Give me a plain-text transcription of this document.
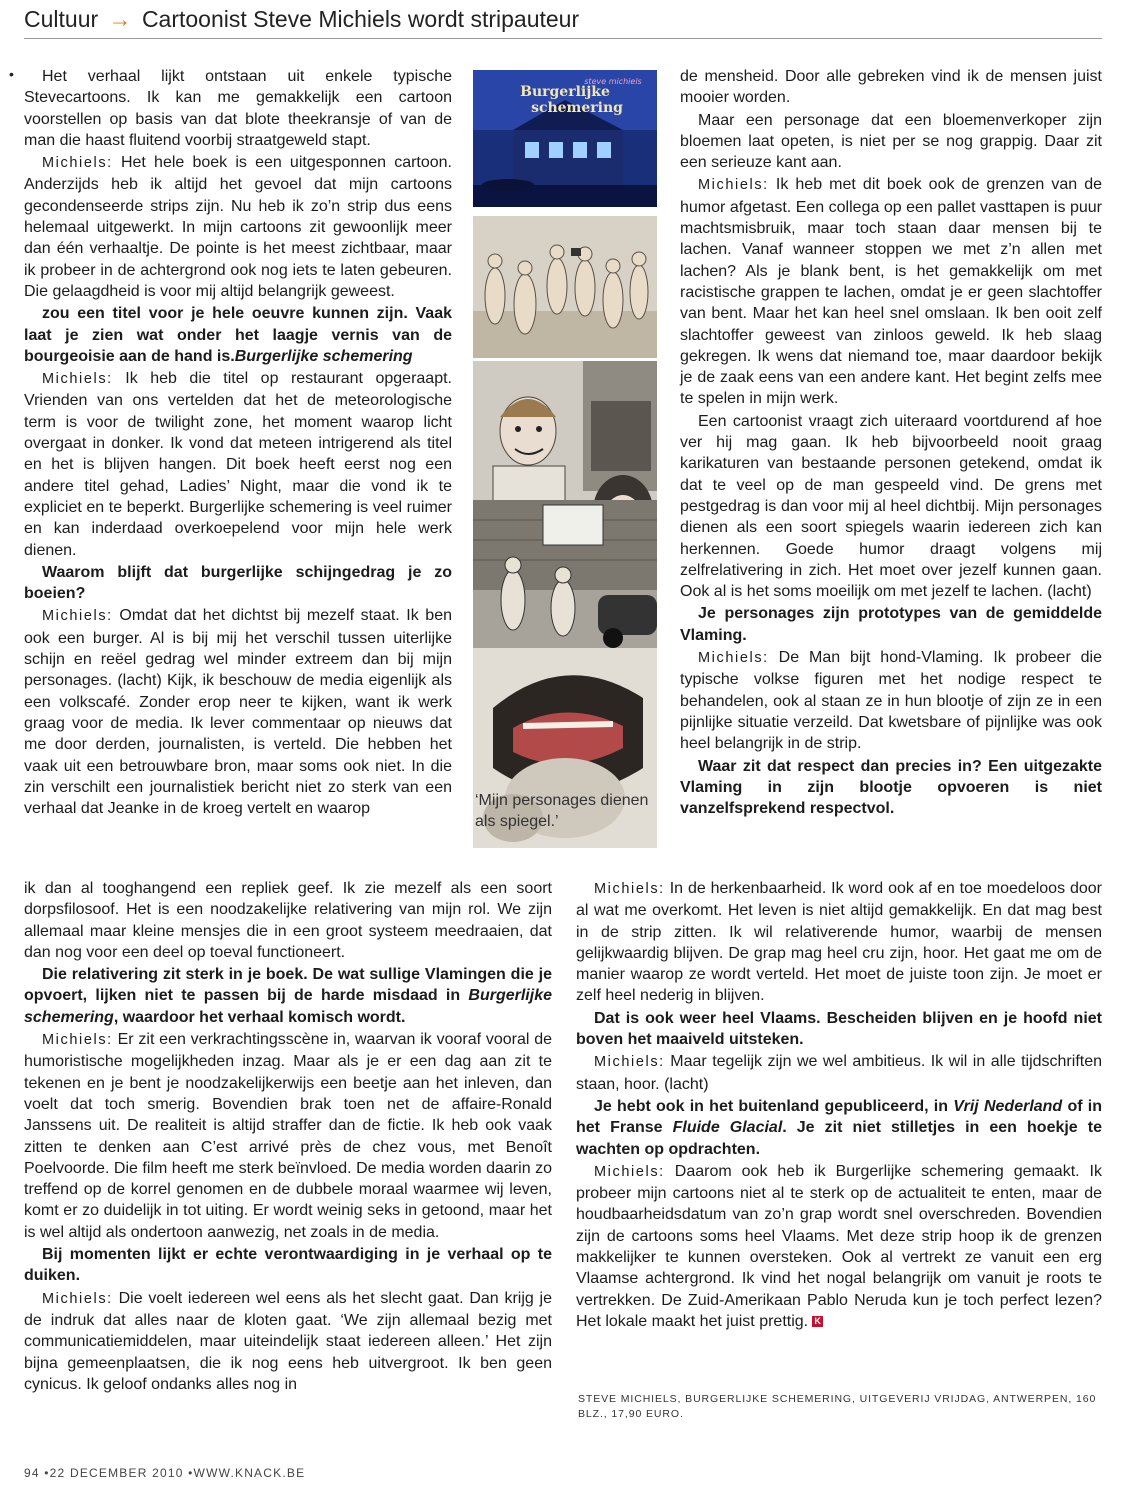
Cultuur → Cartoonist Steve Michiels wordt stripauteur
•	Het verhaal lijkt ontstaan uit enkele typische Stevecartoons. Ik kan me gemakkelijk een cartoon voorstellen op basis van dat blote theekransje of van de man die haast fluitend voorbij straatgeweld stapt.

Michiels: Het hele boek is een uitgesponnen cartoon. Anderzijds heb ik altijd het gevoel dat mijn cartoons gecondenseerde strips zijn. Nu heb ik zo’n strip dus eens helemaal uitgewerkt. In mijn cartoons zit gewoonlijk meer dan één verhaaltje. De pointe is het meest zichtbaar, maar ik probeer in de achtergrond ook nog iets te laten gebeuren. Die gelaagdheid is voor mij altijd belangrijk geweest.

zou een titel voor je hele oeuvre kunnen zijn. Vaak laat je zien wat onder het laagje vernis van de bourgeoisie aan de hand is.Burgerlijke schemering

Michiels: Ik heb die titel op restaurant opgeraapt. Vrienden van ons vertelden dat het de meteorologische term is voor de twilight zone, het moment waarop licht overgaat in donker. Ik vond dat meteen intrigerend als titel en het is blijven hangen. Dit boek heeft eerst nog een andere titel gehad, Ladies’ Night, maar die vond ik te expliciet en te beperkt. Burgerlijke schemering is veel ruimer en kan inderdaad overkoepelend voor mijn hele werk dienen.

Waarom blijft dat burgerlijke schijngedrag je zo boeien?

Michiels: Omdat dat het dichtst bij mezelf staat. Ik ben ook een burger. Al is bij mij het verschil tussen uiterlijke schijn en reëel gedrag wel minder extreem dan bij mijn personages. (lacht) Kijk, ik beschouw de media eigenlijk als een volkscafé. Zonder erop neer te kijken, want ik werk graag voor de media. Ik lever commentaar op nieuws dat me door derden, journalisten, is verteld. Die hebben het vaak uit een betrouwbare bron, maar soms ook niet. In die zin verschilt een journalistiek bericht niet zo sterk van een verhaal dat Jeanke in de kroeg vertelt en waarop

ik dan al tooghangend een repliek geef. Ik zie mezelf als een soort dorpsfilosoof. Het is een noodzakelijke relativering van mijn rol. We zijn allemaal maar kleine mensjes die in een groot systeem meedraaien, dat dan nog voor een deel op toeval functioneert.

Die relativering zit sterk in je boek. De wat sullige Vlamingen die je opvoert, lijken niet te passen bij de harde misdaad in Burgerlijke schemering, waardoor het verhaal komisch wordt.

Michiels: Er zit een verkrachtingsscène in, waarvan ik vooraf vooral de humoristische mogelijkheden inzag. Maar als je er een dag aan zit te tekenen en je bent je noodzakelijkerwijs een beetje aan het inleven, dan voelt dat toch smerig. Bovendien brak toen net de affaire-Ronald Janssens uit. De realiteit is altijd straffer dan de fictie. Ik heb ook vaak zitten te denken aan C’est arrivé près de chez vous, met Benoît Poelvoorde. Die film heeft me sterk beïnvloed. De media worden daarin zo treffend op de korrel genomen en de dubbele moraal waarmee wij leven, komt er zo duidelijk in tot uiting. Er wordt weinig seks in getoond, maar het is wel altijd als ondertoon aanwezig, net zoals in de media.

Bij momenten lijkt er echte verontwaardiging in je verhaal op te duiken.

Michiels: Die voelt iedereen wel eens als het slecht gaat. Dan krijg je de indruk dat alles naar de kloten gaat. ‘We zijn allemaal bezig met communicatiemiddelen, maar uiteindelijk staat iedereen alleen.’ Het zijn bijna gemeenplaatsen, die ik nog eens heb uitvergroot. Ik ben geen cynicus. Ik geloof ondanks alles nog in

de mensheid. Door alle gebreken vind ik de mensen juist mooier worden.

Maar een personage dat een bloemenverkoper zijn bloemen laat opeten, is niet per se nog grappig. Daar zit een serieuze kant aan.

Michiels: Ik heb met dit boek ook de grenzen van de humor afgetast. Een collega op een pallet vasttapen is puur machtsmisbruik, maar toch staan daar mensen bij te lachen. Vanaf wanneer stoppen we met z’n allen met lachen? Als je blank bent, is het gemakkelijk om met racistische grappen te lachen, omdat je er geen slachtoffer van bent. Maar het kan heel snel omslaan. Ik ben ooit zelf slachtoffer geweest van zinloos geweld. Ik heb slaag gekregen. Ik wens dat niemand toe, maar daardoor bekijk je de zaak eens van een andere kant. Het begint zelfs mee te spelen in mijn werk.

Een cartoonist vraagt zich uiteraard voortdurend af hoe ver hij mag gaan. Ik heb bijvoorbeeld nooit graag karikaturen van bestaande personen getekend, omdat ik dat te veel op de man gespeeld vind. De grens met pestgedrag is dan voor mij al heel dichtbij. Mijn personages dienen als een soort spiegels waarin iedereen zich kan herkennen. Goede humor draagt volgens mij zelfrelativering in zich. Het moet over jezelf kunnen gaan. Ook al is het soms moeilijk om met jezelf te lachen. (lacht)

Je personages zijn prototypes van de gemiddelde Vlaming.

Michiels: De Man bijt hond-Vlaming. Ik probeer die typische volkse figuren met het nodige respect te behandelen, ook al staan ze in hun blootje of zijn ze in een pijnlijke situatie verzeild. Dat kwetsbare of pijnlijke was ook heel belangrijk in de strip.

Waar zit dat respect dan precies in? Een uitgezakte Vlaming in zijn blootje opvoeren is niet vanzelfsprekend respectvol.

Michiels: In de herkenbaarheid. Ik word ook af en toe moedeloos door al wat me overkomt. Het leven is niet altijd gemakkelijk. En dat mag best in de strip zitten. Ik wil relativerende humor, waarbij de mensen gelijkwaardig blijven. De grap mag heel cru zijn, hoor. Het gaat me om de manier waarop ze wordt verteld. Het moet de juiste toon zijn. Je moet er zelf heel nederig in blijven.

Dat is ook weer heel Vlaams. Bescheiden blijven en je hoofd niet boven het maaiveld uitsteken.

Michiels: Maar tegelijk zijn we wel ambitieus. Ik wil in alle tijdschriften staan, hoor. (lacht)

Je hebt ook in het buitenland gepubliceerd, in Vrij Nederland of in het Franse Fluide Glacial. Je zit niet stilletjes in een hoekje te wachten op opdrachten.

Michiels: Daarom ook heb ik Burgerlijke schemering gemaakt. Ik probeer mijn cartoons niet al te sterk op de actualiteit te enten, maar de houdbaarheidsdatum van zo’n grap wordt snel overschreden. Bovendien zijn de cartoons soms heel Vlaams. Met deze strip hoop ik de grenzen makkelijker te kunnen oversteken. Ook al vertrekt ze vanuit een erg Vlaamse achtergrond. Ik vind het nogal belangrijk om vanuit je roots te vertrekken. De Zuid-Amerikaan Pablo Neruda kun je toch perfect lezen? Het lokale maakt het juist prettig. K

Burgerlijke
schemering
steve michiels
‘Mijn personages dienen als spiegel.’
STEVE MICHIELS, BURGERLIJKE SCHEMERING, UITGEVERIJ VRIJDAG, ANTWERPEN, 160 BLZ., 17,90 EURO.
94 •22 DECEMBER 2010 •WWW.KNACK.BE
